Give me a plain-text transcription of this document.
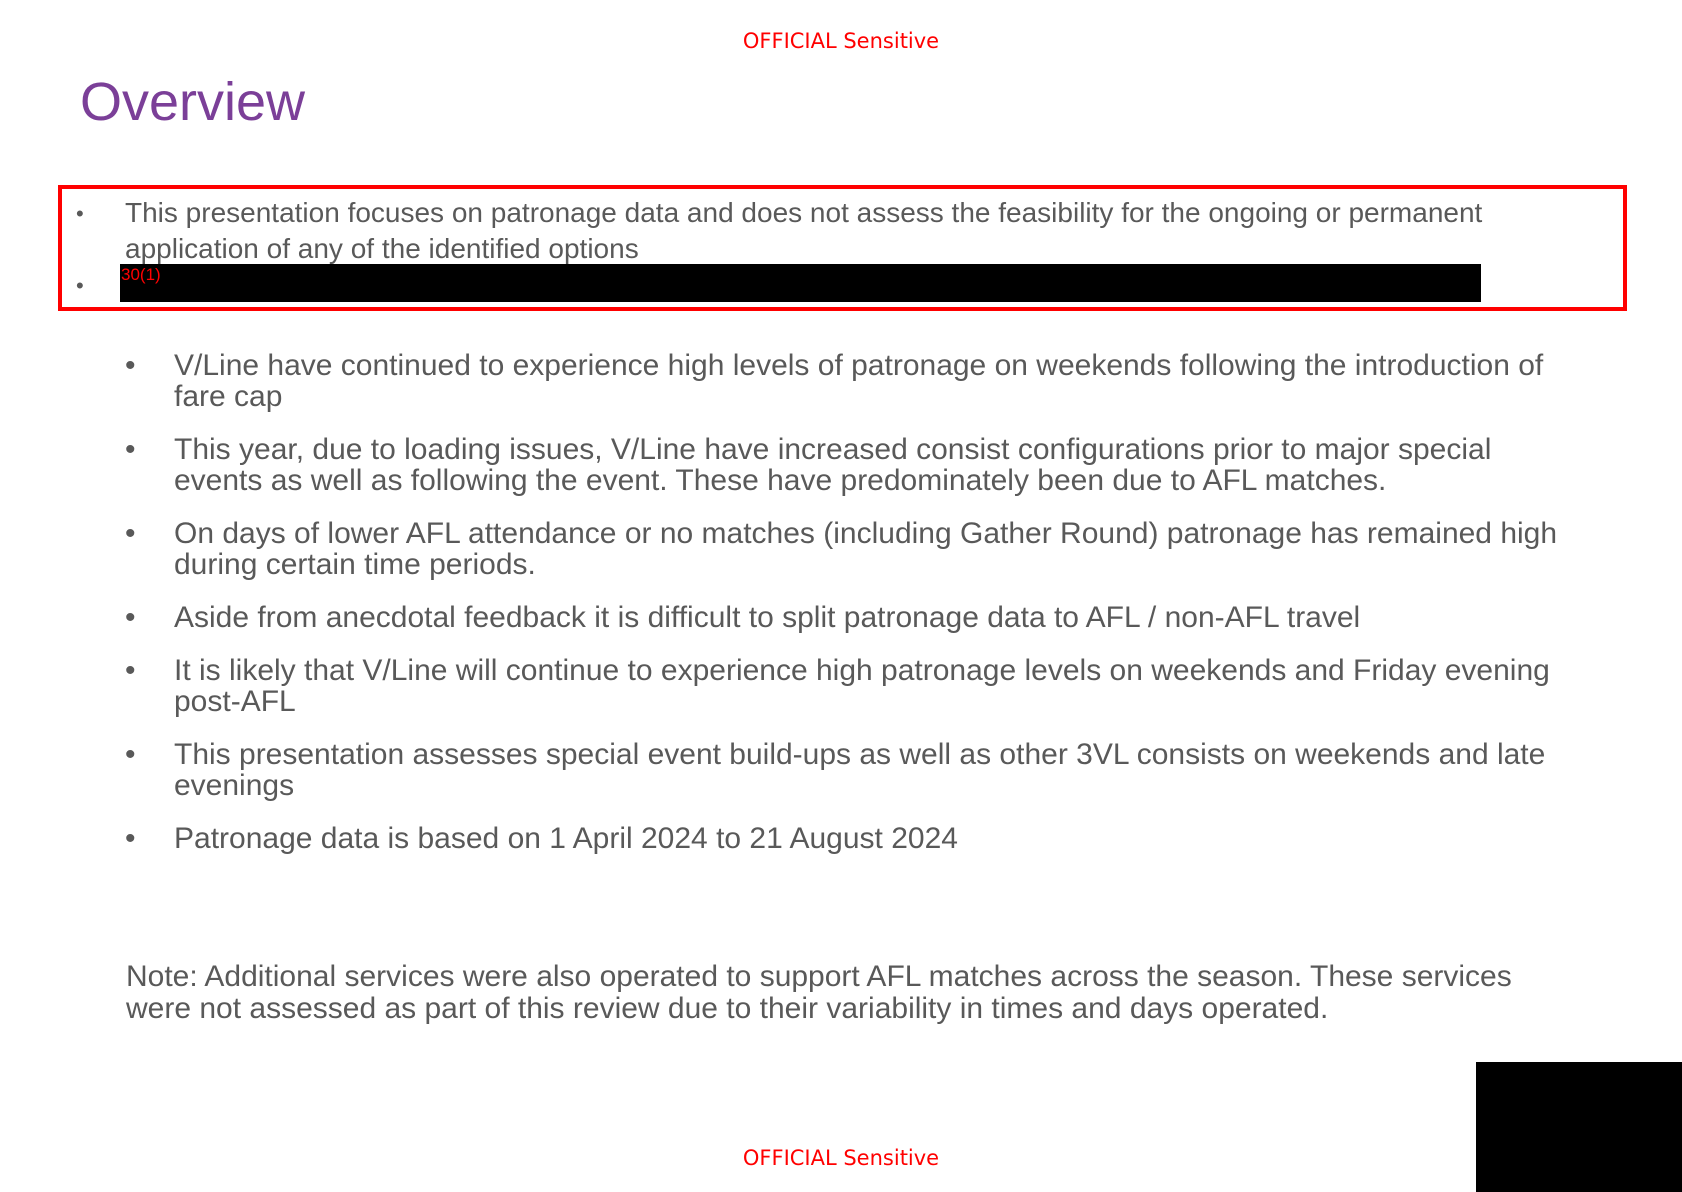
OFFICIAL Sensitive
Overview
•
•
This presentation focuses on patronage data and does not assess the feasibility for the ongoing or permanent application of any of the identified options
30(1)
• V/Line have continued to experience high levels of patronage on weekends following the introduction of fare cap
• This year, due to loading issues, V/Line have increased consist configurations prior to major special events as well as following the event. These have predominately been due to AFL matches.
• On days of lower AFL attendance or no matches (including Gather Round) patronage has remained high during certain time periods.
• Aside from anecdotal feedback it is difficult to split patronage data to AFL / non-AFL travel
• It is likely that V/Line will continue to experience high patronage levels on weekends and Friday evening post-AFL
• This presentation assesses special event build-ups as well as other 3VL consists on weekends and late evenings
• Patronage data is based on 1 April 2024 to 21 August 2024

Note: Additional services were also operated to support AFL matches across the season. These services were not assessed as part of this review due to their variability in times and days operated.

OFFICIAL Sensitive
